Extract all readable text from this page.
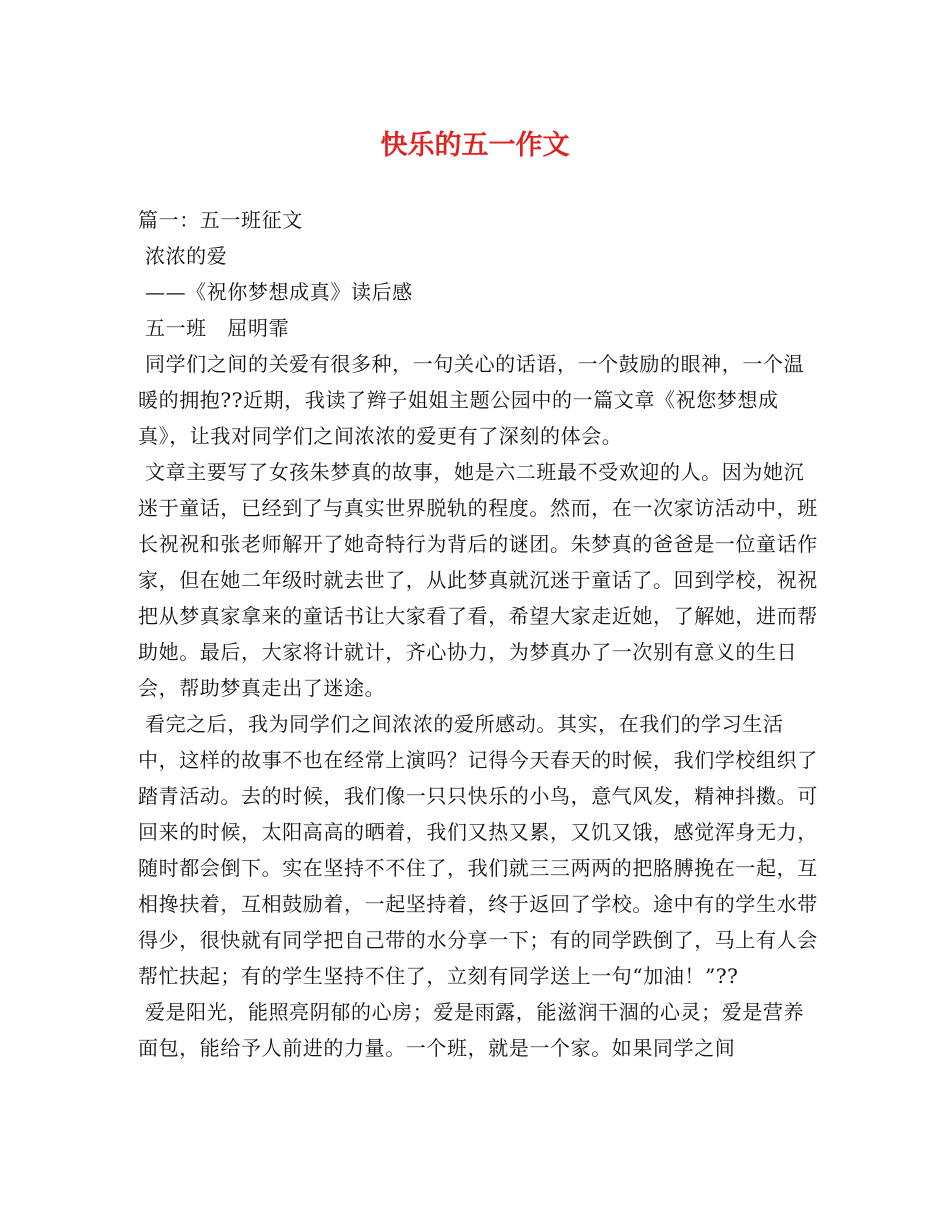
快乐的五一作文

篇一：五一班征文

浓浓的爱

——《祝你梦想成真》读后感

五一班　屈明霏

同学们之间的关爱有很多种，一句关心的话语，一个鼓励的眼神，一个温暖的拥抱??近期，我读了辫子姐姐主题公园中的一篇文章《祝您梦想成真》，让我对同学们之间浓浓的爱更有了深刻的体会。

文章主要写了女孩朱梦真的故事，她是六二班最不受欢迎的人。因为她沉迷于童话，已经到了与真实世界脱轨的程度。然而，在一次家访活动中，班长祝祝和张老师解开了她奇特行为背后的谜团。朱梦真的爸爸是一位童话作家，但在她二年级时就去世了，从此梦真就沉迷于童话了。回到学校，祝祝把从梦真家拿来的童话书让大家看了看，希望大家走近她，了解她，进而帮助她。最后，大家将计就计，齐心协力，为梦真办了一次别有意义的生日会，帮助梦真走出了迷途。

看完之后，我为同学们之间浓浓的爱所感动。其实，在我们的学习生活中，这样的故事不也在经常上演吗？记得今天春天的时候，我们学校组织了踏青活动。去的时候，我们像一只只快乐的小鸟，意气风发，精神抖擞。可回来的时候，太阳高高的晒着，我们又热又累，又饥又饿，感觉浑身无力，随时都会倒下。实在坚持不不住了，我们就三三两两的把胳膊挽在一起，互相搀扶着，互相鼓励着，一起坚持着，终于返回了学校。途中有的学生水带得少，很快就有同学把自己带的水分享一下；有的同学跌倒了，马上有人会帮忙扶起；有的学生坚持不住了，立刻有同学送上一句“加油！”??

爱是阳光，能照亮阴郁的心房；爱是雨露，能滋润干涸的心灵；爱是营养面包，能给予人前进的力量。一个班，就是一个家。如果同学之间
